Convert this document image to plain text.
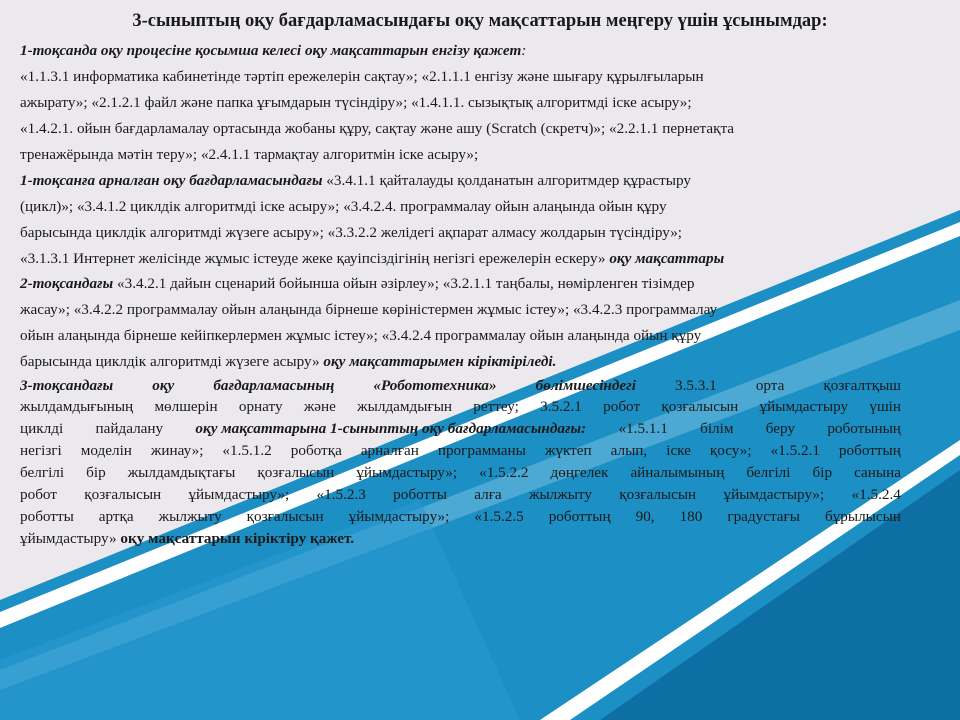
3-сыныптың оқу бағдарламасындағы оқу мақсаттарын меңгеру үшін ұсынымдар:
1-тоқсанда оқу процесіне қосымша келесі оқу мақсаттарын енгізу қажет:
«1.1.3.1 информатика кабинетінде тәртіп ережелерін сақтау»; «2.1.1.1 енгізу және шығару құрылғыларын
ажырату»; «2.1.2.1 файл және папка ұғымдарын түсіндіру»; «1.4.1.1. сызықтық алгоритмді іске асыру»;
«1.4.2.1. ойын бағдарламалау ортасында жобаны құру, сақтау және ашу (Scratch (скретч)»; «2.2.1.1 пернетақта
тренажёрында мәтін теру»; «2.4.1.1 тармақтау алгоритмін іске асыру»;
1-тоқсанға арналған оқу бағдарламасындағы «3.4.1.1 қайталауды қолданатын алгоритмдер құрастыру
(цикл)»; «3.4.1.2 циклдік алгоритмді іске асыру»; «3.4.2.4. программалау ойын алаңында ойын құру
барысында циклдік алгоритмді жүзеге асыру»; «3.3.2.2 желідегі ақпарат алмасу жолдарын түсіндіру»;
«3.1.3.1 Интернет желісінде жұмыс істеуде жеке қауіпсіздігінің негізгі ережелерін ескеру» оқу мақсаттары
2-тоқсандағы «3.4.2.1 дайын сценарий бойынша ойын әзірлеу»; «3.2.1.1 таңбалы, нөмірленген тізімдер
жасау»; «3.4.2.2 программалау ойын алаңында бірнеше көріністермен жұмыс істеу»; «3.4.2.3 программалау
ойын алаңында бірнеше кейіпкерлермен жұмыс істеу»; «3.4.2.4 программалау ойын алаңында ойын құру
барысында циклдік алгоритмді жүзеге асыру» оқу мақсаттарымен кіріктіріледі.
3-тоқсандағы	оқу	бағдарламасының	«Робототехника»	бөлімшесіндегі	3.5.3.1	орта	қозғалтқыш
жылдамдығының мөлшерін орнату және жылдамдығын реттеу; 3.5.2.1 робот қозғалысын ұйымдастыру үшін
циклді пайдалану оқу мақсаттарына 1-сыныптың оқу бағдарламасындағы: «1.5.1.1 білім беру роботының
негізгі моделін жинау»; «1.5.1.2 роботқа арналған программаны жүктеп алып, іске қосу»; «1.5.2.1 роботтың
белгілі бір жылдамдықтағы қозғалысын ұйымдастыру»; «1.5.2.2 дөңгелек айналымының белгілі бір санына
робот қозғалысын ұйымдастыру»; «1.5.2.3 роботты алға жылжыту қозғалысын ұйымдастыру»; «1.5.2.4
роботты артқа жылжыту қозғалысын ұйымдастыру»; «1.5.2.5 роботтың 90, 180 градустағы бұрылысын
ұйымдастыру» оқу мақсаттарын кіріктіру қажет.
